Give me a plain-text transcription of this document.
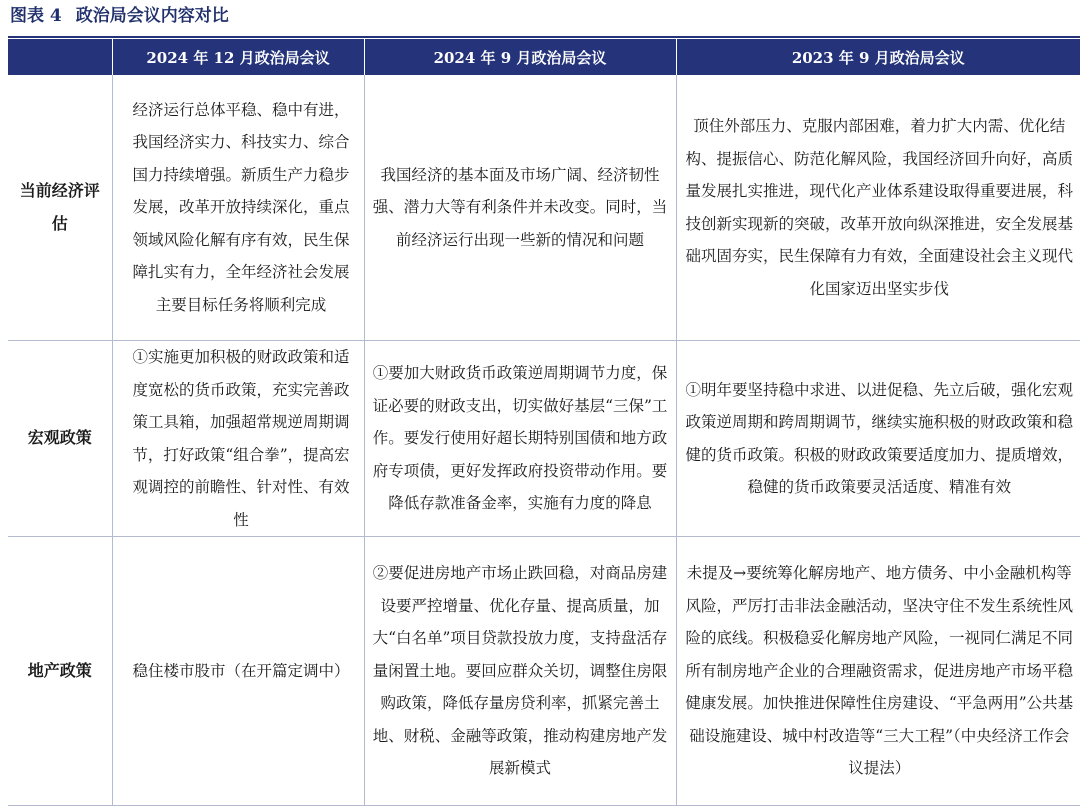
图表 4 政治局会议内容对比
	2024 年 12 月政治局会议	2024 年 9 月政治局会议	2023 年 9 月政治局会议
当前经济评估	经济运行总体平稳、稳中有进，我国经济实力、科技实力、综合国力持续增强。新质生产力稳步发展，改革开放持续深化，重点领域风险化解有序有效，民生保障扎实有力，全年经济社会发展主要目标任务将顺利完成	我国经济的基本面及市场广阔、经济韧性强、潜力大等有利条件并未改变。同时，当前经济运行出现一些新的情况和问题	顶住外部压力、克服内部困难，着力扩大内需、优化结构、提振信心、防范化解风险，我国经济回升向好，高质量发展扎实推进，现代化产业体系建设取得重要进展，科技创新实现新的突破，改革开放向纵深推进，安全发展基础巩固夯实，民生保障有力有效，全面建设社会主义现代化国家迈出坚实步伐
宏观政策	①实施更加积极的财政政策和适度宽松的货币政策，充实完善政策工具箱，加强超常规逆周期调节，打好政策“组合拳”，提高宏观调控的前瞻性、针对性、有效性	①要加大财政货币政策逆周期调节力度，保证必要的财政支出，切实做好基层“三保”工作。要发行使用好超长期特别国债和地方政府专项债，更好发挥政府投资带动作用。要降低存款准备金率，实施有力度的降息	①明年要坚持稳中求进、以进促稳、先立后破，强化宏观政策逆周期和跨周期调节，继续实施积极的财政政策和稳健的货币政策。积极的财政政策要适度加力、提质增效，稳健的货币政策要灵活适度、精准有效
地产政策	稳住楼市股市（在开篇定调中）	②要促进房地产市场止跌回稳，对商品房建设要严控增量、优化存量、提高质量，加大“白名单”项目贷款投放力度，支持盘活存量闲置土地。要回应群众关切，调整住房限购政策，降低存量房贷利率，抓紧完善土地、财税、金融等政策，推动构建房地产发展新模式	未提及→要统筹化解房地产、地方债务、中小金融机构等风险，严厉打击非法金融活动，坚决守住不发生系统性风险的底线。积极稳妥化解房地产风险，一视同仁满足不同所有制房地产企业的合理融资需求，促进房地产市场平稳健康发展。加快推进保障性住房建设、“平急两用”公共基础设施建设、城中村改造等“三大工程”（中央经济工作会议提法）
